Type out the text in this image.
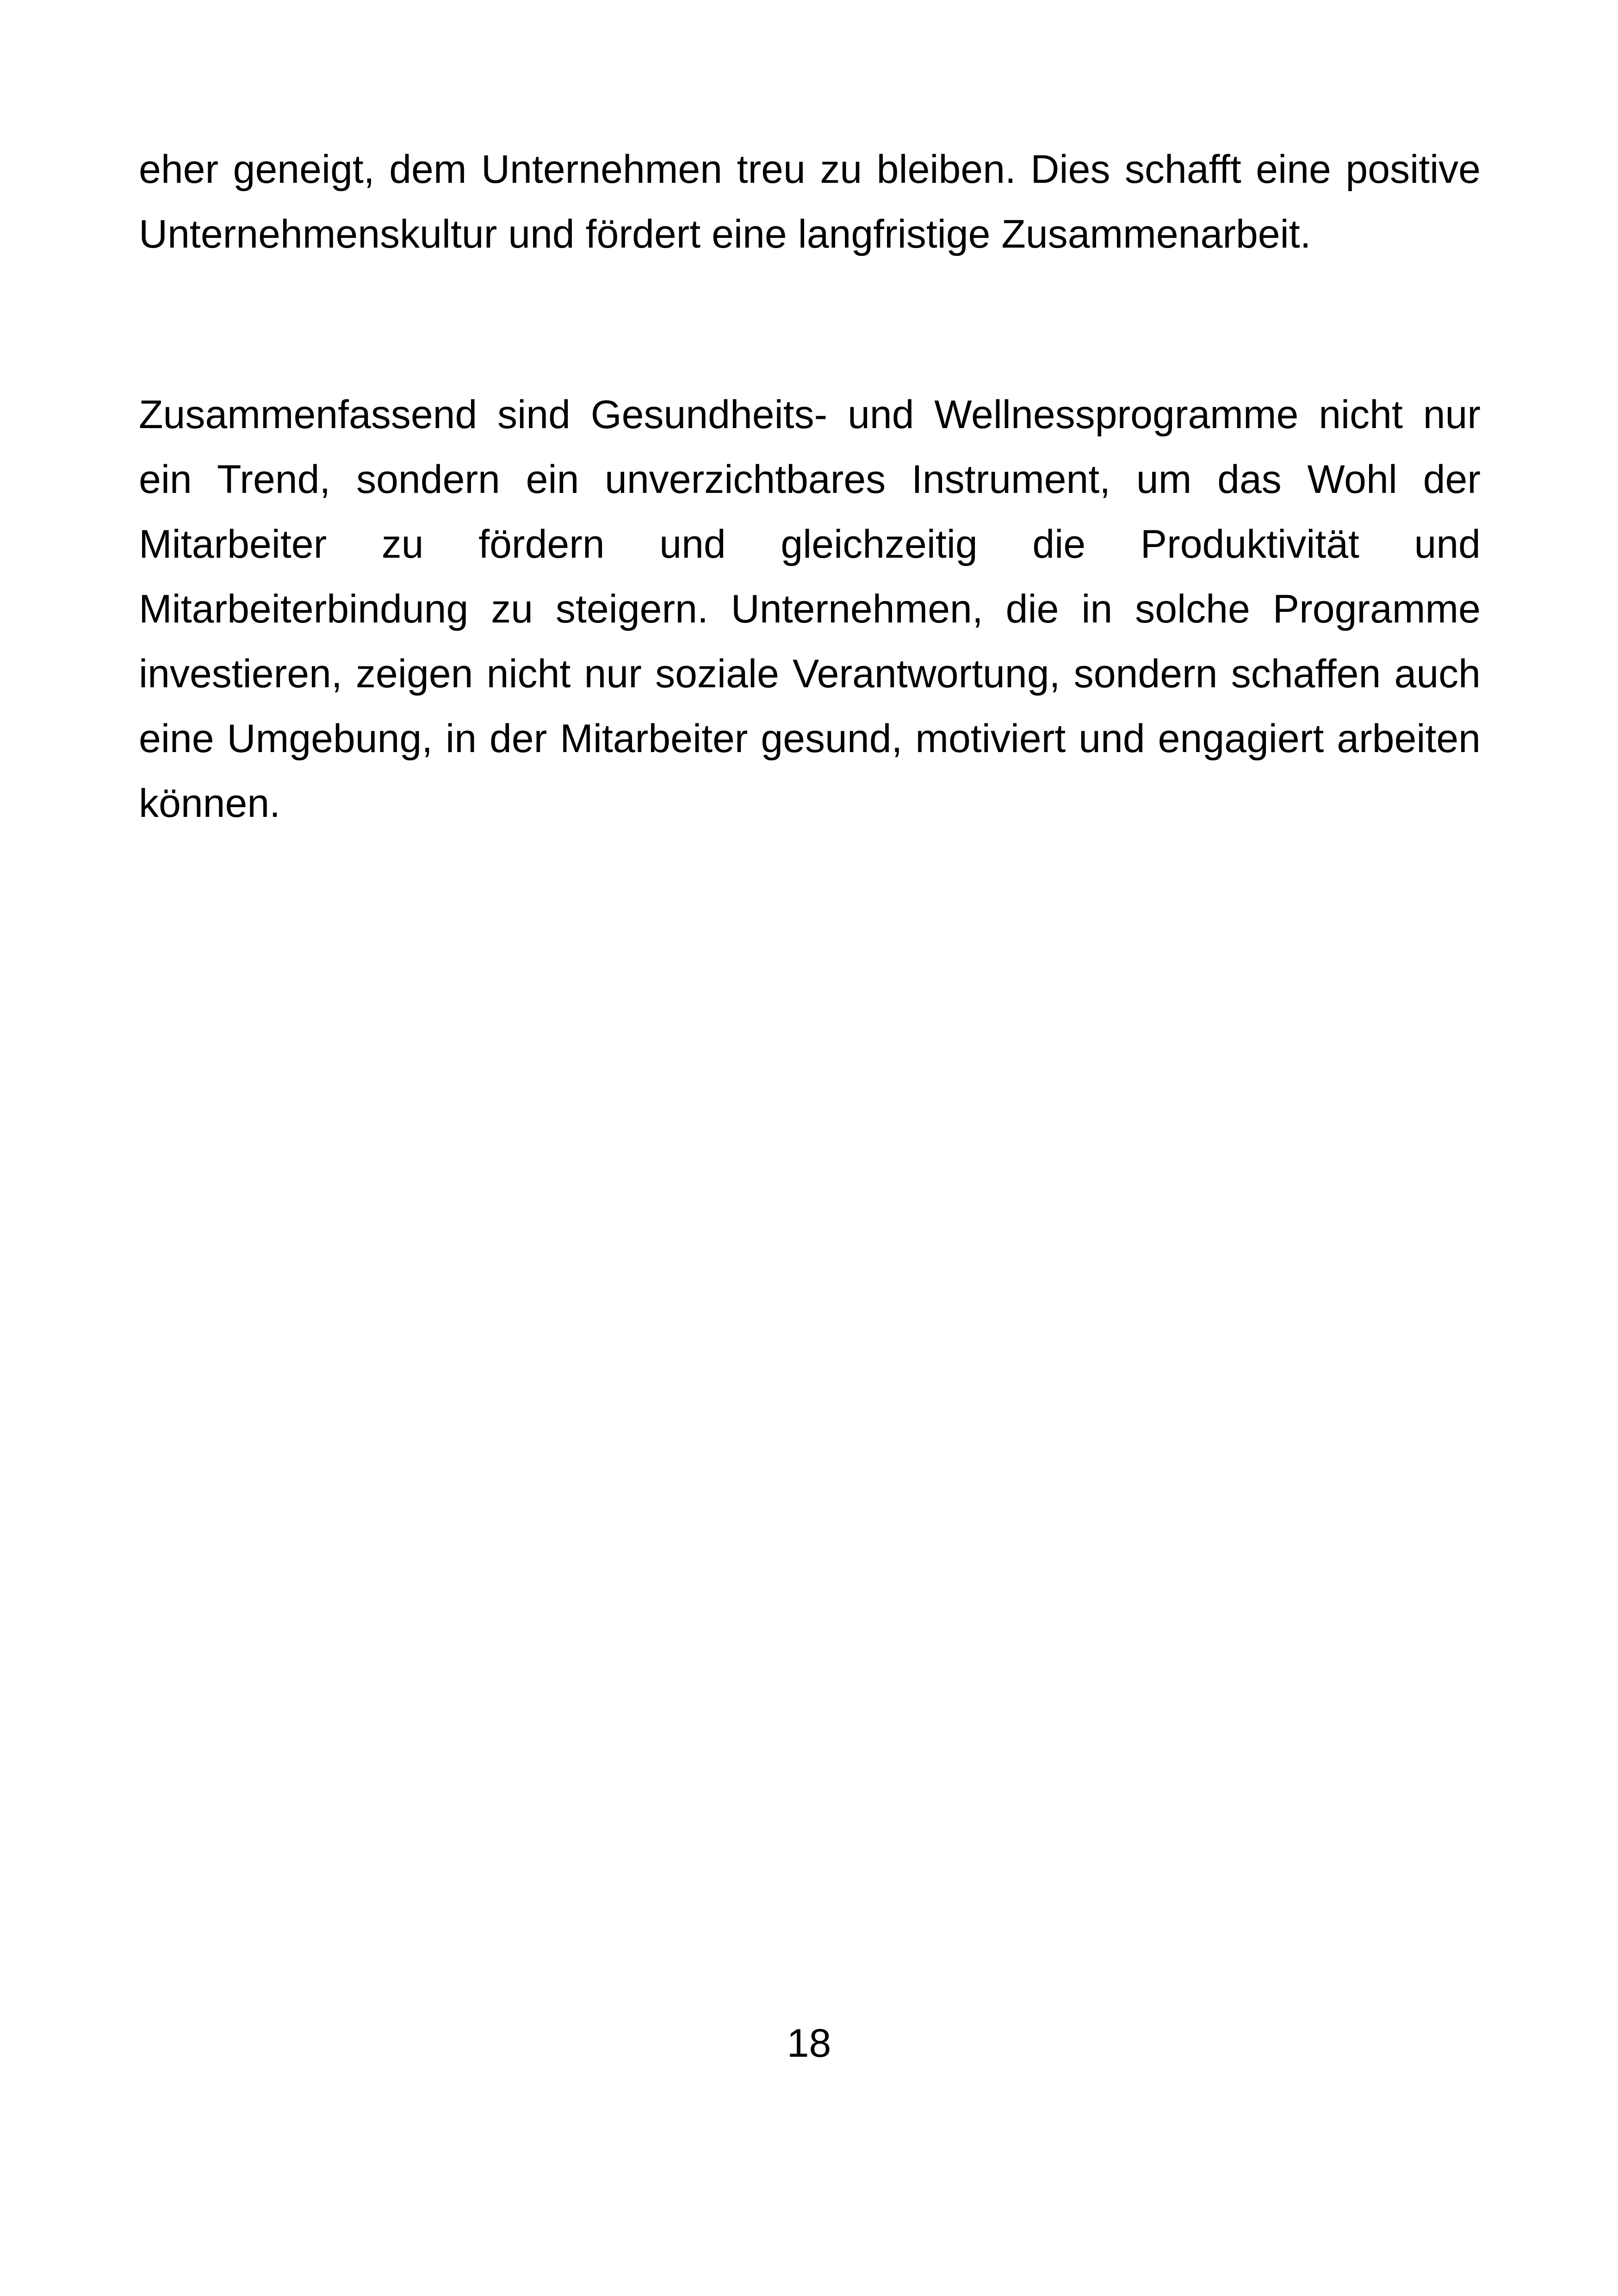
eher geneigt, dem Unternehmen treu zu bleiben. Dies schafft eine positive Unternehmenskultur und fördert eine langfristige Zusammenarbeit.

Zusammenfassend sind Gesundheits- und Wellnessprogramme nicht nur ein Trend, sondern ein unverzichtbares Instrument, um das Wohl der Mitarbeiter zu fördern und gleichzeitig die Produktivität und Mitarbeiterbindung zu steigern. Unternehmen, die in solche Programme investieren, zeigen nicht nur soziale Verantwortung, sondern schaffen auch eine Umgebung, in der Mitarbeiter gesund, motiviert und engagiert arbeiten können.

18
